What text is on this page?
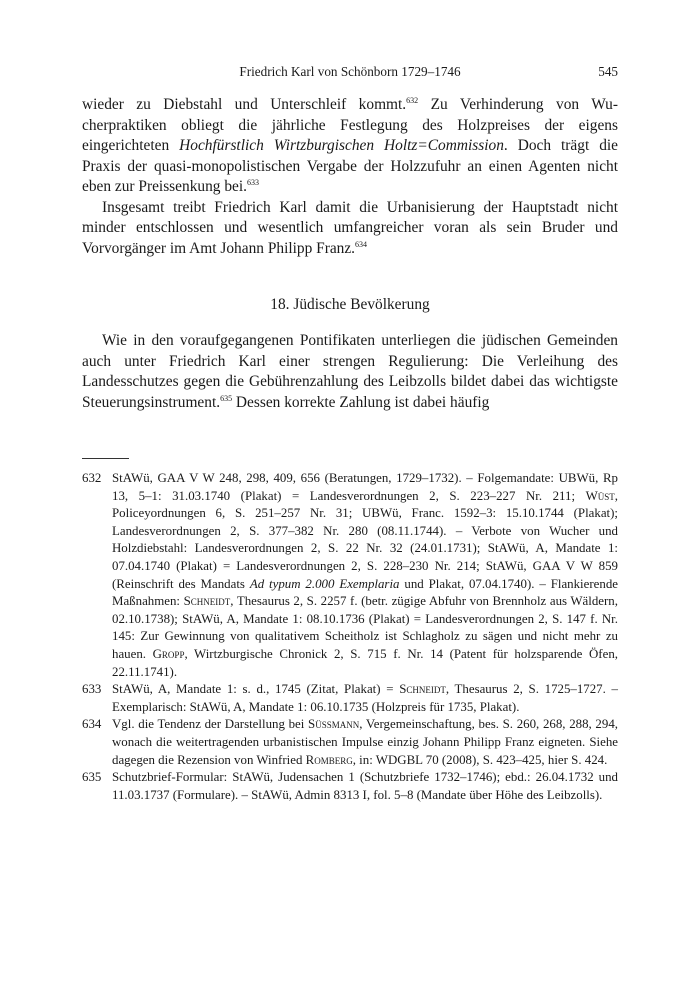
Friedrich Karl von Schönborn 1729–1746	545

wieder zu Diebstahl und Unterschleif kommt.$^{632}$ Zu Verhinderung von Wucherpraktiken obliegt die jährliche Festlegung des Holzpreises der eigens eingerichteten Hochfürstlich Wirtzburgischen Holtz=Commission. Doch trägt die Praxis der quasi-monopolistischen Vergabe der Holzzufuhr an einen Agenten nicht eben zur Preissenkung bei.$^{633}$

Insgesamt treibt Friedrich Karl damit die Urbanisierung der Hauptstadt nicht minder entschlossen und wesentlich umfangreicher voran als sein Bruder und Vorvorgänger im Amt Johann Philipp Franz.$^{634}$

18. Jüdische Bevölkerung

Wie in den voraufgegangenen Pontifikaten unterliegen die jüdischen Gemeinden auch unter Friedrich Karl einer strengen Regulierung: Die Verleihung des Landesschutzes gegen die Gebührenzahlung des Leibzolls bildet dabei das wichtigste Steuerungsinstrument.$^{635}$ Dessen korrekte Zahlung ist dabei häufig

632 StAWü, GAA V W 248, 298, 409, 656 (Beratungen, 1729–1732). – Folgemandate: UBWü, Rp 13, 5–1: 31.03.1740 (Plakat) = Landesverordnungen 2, S. 223–227 Nr. 211; Wüst, Policeyordnungen 6, S. 251–257 Nr. 31; UBWü, Franc. 1592–3: 15.10.1744 (Plakat); Landesverordnungen 2, S. 377–382 Nr. 280 (08.11.1744). – Verbote von Wucher und Holzdiebstahl: Landesverordnungen 2, S. 22 Nr. 32 (24.01.1731); StAWü, A, Mandate 1: 07.04.1740 (Plakat) = Landesverordnungen 2, S. 228–230 Nr. 214; StAWü, GAA V W 859 (Reinschrift des Mandats Ad typum 2.000 Exemplaria und Plakat, 07.04.1740). – Flankierende Maßnahmen: Schneidt, Thesaurus 2, S. 2257 f. (betr. zügige Abfuhr von Brennholz aus Wäldern, 02.10.1738); StAWü, A, Mandate 1: 08.10.1736 (Plakat) = Landesverordnungen 2, S. 147 f. Nr. 145: Zur Gewinnung von qualitativem Scheitholz ist Schlagholz zu sägen und nicht mehr zu hauen. Gropp, Wirtzburgische Chronick 2, S. 715 f. Nr. 14 (Patent für holzsparende Öfen, 22.11.1741).
633 StAWü, A, Mandate 1: s. d., 1745 (Zitat, Plakat) = Schneidt, Thesaurus 2, S. 1725–1727. – Exemplarisch: StAWü, A, Mandate 1: 06.10.1735 (Holzpreis für 1735, Plakat).
634 Vgl. die Tendenz der Darstellung bei Süssmann, Vergemeinschaftung, bes. S. 260, 268, 288, 294, wonach die weitertragenden urbanistischen Impulse einzig Johann Philipp Franz eigneten. Siehe dagegen die Rezension von Winfried Romberg, in: WDGBL 70 (2008), S. 423–425, hier S. 424.
635 Schutzbrief-Formular: StAWü, Judensachen 1 (Schutzbriefe 1732–1746); ebd.: 26.04.1732 und 11.03.1737 (Formulare). – StAWü, Admin 8313 I, fol. 5–8 (Mandate über Höhe des Leibzolls).
